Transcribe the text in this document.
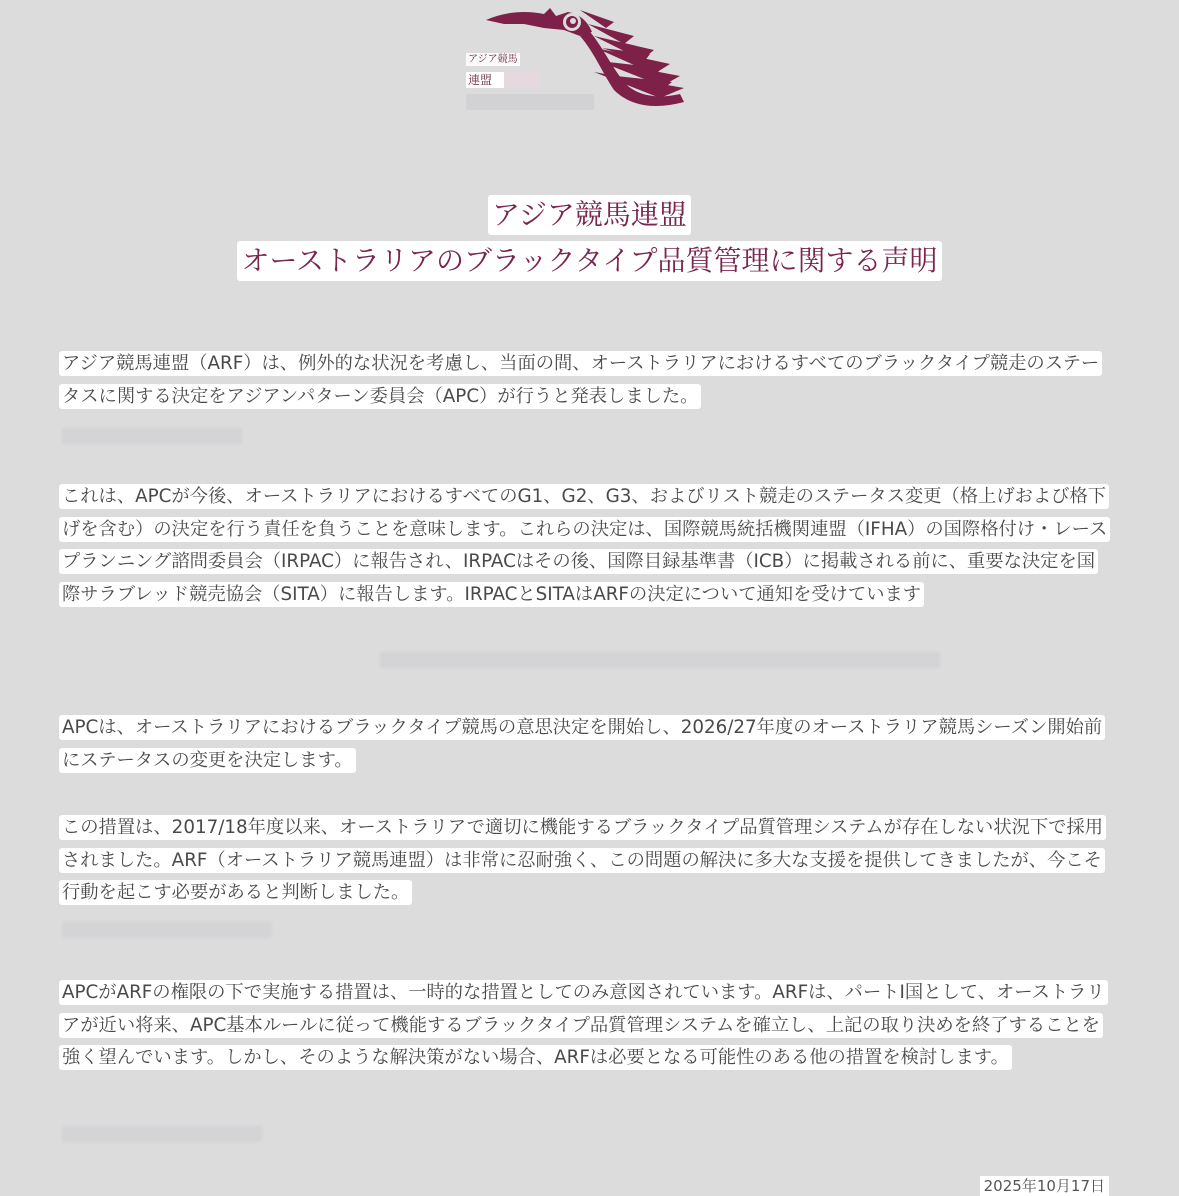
アジア競馬
連盟
アジア競馬連盟
オーストラリアのブラックタイプ品質管理に関する声明
アジア競馬連盟（ARF）は、例外的な状況を考慮し、当面の間、オーストラリアにおけるすべてのブラックタイプ競走のステータスに関する決定をアジアンパターン委員会（APC）が行うと発表しました。
これは、APCが今後、オーストラリアにおけるすべてのG1、G2、G3、およびリスト競走のステータス変更（格上げおよび格下げを含む）の決定を行う責任を負うことを意味します。これらの決定は、国際競馬統括機関連盟（IFHA）の国際格付け・レースプランニング諮問委員会（IRPAC）に報告され、IRPACはその後、国際目録基準書（ICB）に掲載される前に、重要な決定を国際サラブレッド競売協会（SITA）に報告します。IRPACとSITAはARFの決定について通知を受けています
APCは、オーストラリアにおけるブラックタイプ競馬の意思決定を開始し、2026/27年度のオーストラリア競馬シーズン開始前にステータスの変更を決定します。
この措置は、2017/18年度以来、オーストラリアで適切に機能するブラックタイプ品質管理システムが存在しない状況下で採用されました。ARF（オーストラリア競馬連盟）は非常に忍耐強く、この問題の解決に多大な支援を提供してきましたが、今こそ行動を起こす必要があると判断しました。
APCがARFの権限の下で実施する措置は、一時的な措置としてのみ意図されています。ARFは、パートI国として、オーストラリアが近い将来、APC基本ルールに従って機能するブラックタイプ品質管理システムを確立し、上記の取り決めを終了することを強く望んでいます。しかし、そのような解決策がない場合、ARFは必要となる可能性のある他の措置を検討します。
2025年10月17日
